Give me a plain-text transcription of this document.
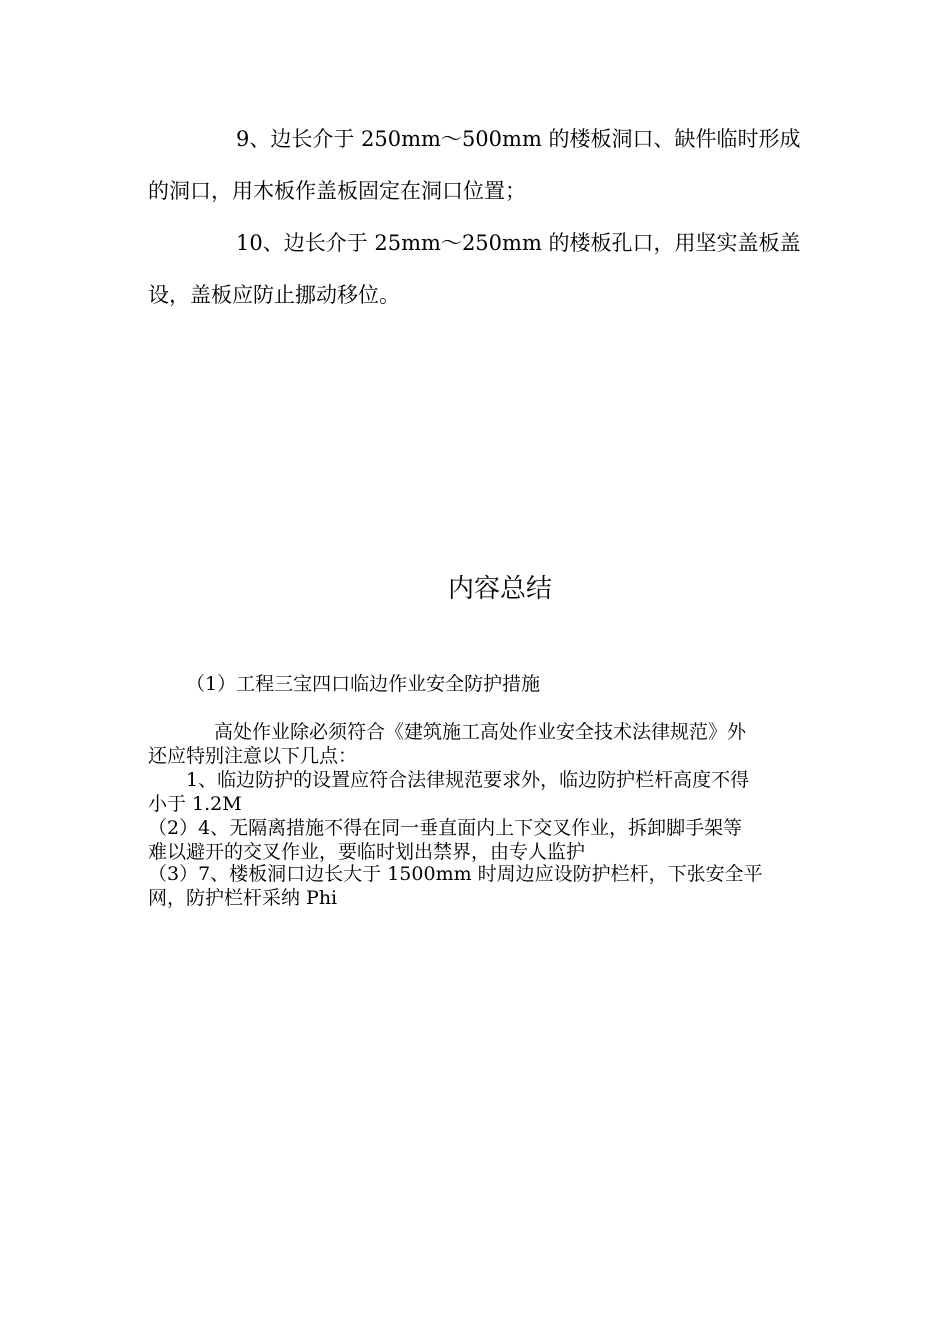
9、边长介于 250mm～500mm 的楼板洞口、缺件临时形成
的洞口，用木板作盖板固定在洞口位置；
10、边长介于 25mm～250mm 的楼板孔口，用坚实盖板盖
设，盖板应防止挪动移位。
内容总结
（1）工程三宝四口临边作业安全防护措施
高处作业除必须符合《建筑施工高处作业安全技术法律规范》外
还应特别注意以下几点：
1、临边防护的设置应符合法律规范要求外，临边防护栏杆高度不得
小于 1.2M
（2）4、无隔离措施不得在同一垂直面内上下交叉作业，拆卸脚手架等
难以避开的交叉作业，要临时划出禁界，由专人监护
（3）7、楼板洞口边长大于 1500mm 时周边应设防护栏杆，下张安全平
网，防护栏杆采纳 Phi
